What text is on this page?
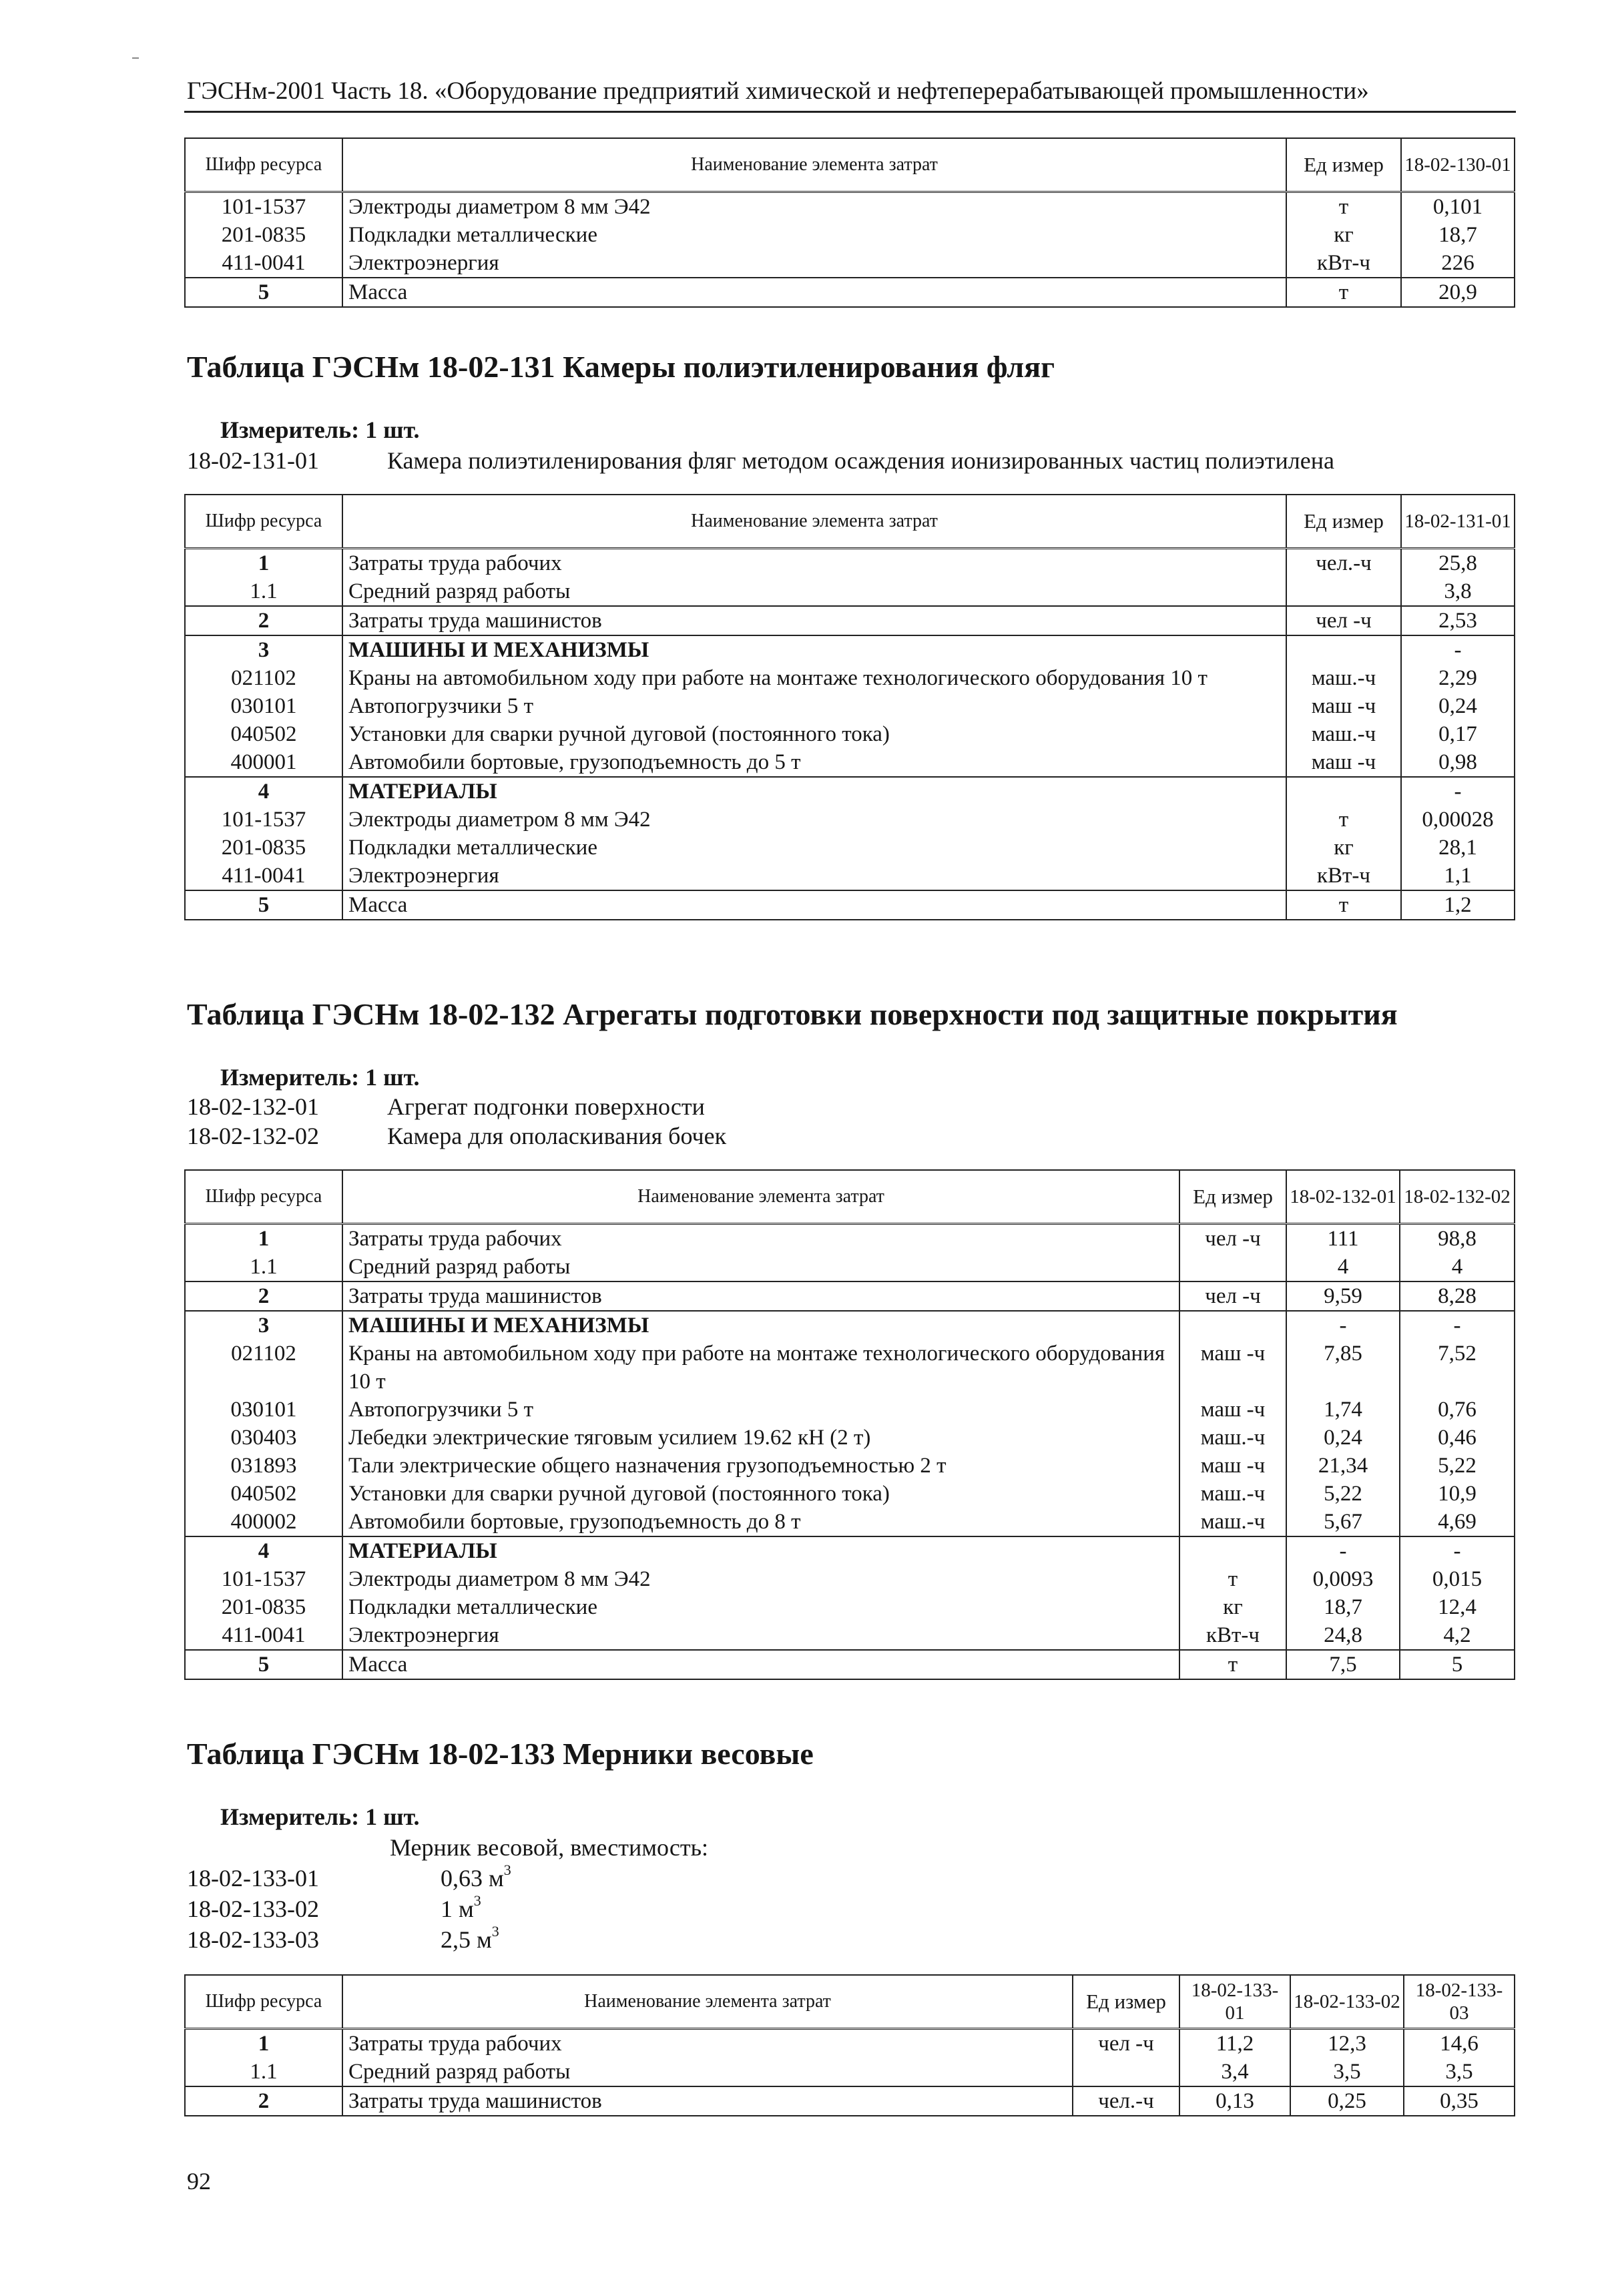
ГЭСНм-2001 Часть 18. «Оборудование предприятий химической и нефтеперерабатывающей промышленности»
Шифр ресурса	Наименование элемента затрат	Ед измер	18-02-130-01
101-1537	Электроды диаметром 8 мм Э42	т	0,101
201-0835	Подкладки металлические	кг	18,7
411-0041	Электроэнергия	кВт-ч	226
5	Масса	т	20,9
Таблица ГЭСНм 18-02-131 Камеры полиэтиленирования фляг
Измеритель: 1 шт.
18-02-131-01	Камера полиэтиленирования фляг методом осаждения ионизированных частиц полиэтилена
Шифр ресурса	Наименование элемента затрат	Ед измер	18-02-131-01
1	Затраты труда рабочих	чел.-ч	25,8
1.1	Средний разряд работы		3,8
2	Затраты труда машинистов	чел -ч	2,53
3	МАШИНЫ И МЕХАНИЗМЫ		-
021102	Краны на автомобильном ходу при работе на монтаже технологического оборудования 10 т	маш.-ч	2,29
030101	Автопогрузчики 5 т	маш -ч	0,24
040502	Установки для сварки ручной дуговой (постоянного тока)	маш.-ч	0,17
400001	Автомобили бортовые, грузоподъемность до 5 т	маш -ч	0,98
4	МАТЕРИАЛЫ		-
101-1537	Электроды диаметром 8 мм Э42	т	0,00028
201-0835	Подкладки металлические	кг	28,1
411-0041	Электроэнергия	кВт-ч	1,1
5	Масса	т	1,2
Таблица ГЭСНм 18-02-132 Агрегаты подготовки поверхности под защитные покрытия
Измеритель: 1 шт.
18-02-132-01	Агрегат подгонки поверхности
18-02-132-02	Камера для ополаскивания бочек
Шифр ресурса	Наименование элемента затрат	Ед измер	18-02-132-01	18-02-132-02
1	Затраты труда рабочих	чел -ч	111	98,8
1.1	Средний разряд работы		4	4
2	Затраты труда машинистов	чел -ч	9,59	8,28
3	МАШИНЫ И МЕХАНИЗМЫ		-	-
021102	Краны на автомобильном ходу при работе на монтаже технологического оборудования 10 т	маш -ч	7,85	7,52
030101	Автопогрузчики 5 т	маш -ч	1,74	0,76
030403	Лебедки электрические тяговым усилием 19.62 кН (2 т)	маш.-ч	0,24	0,46
031893	Тали электрические общего назначения грузоподъемностью 2 т	маш -ч	21,34	5,22
040502	Установки для сварки ручной дуговой (постоянного тока)	маш.-ч	5,22	10,9
400002	Автомобили бортовые, грузоподъемность до 8 т	маш.-ч	5,67	4,69
4	МАТЕРИАЛЫ		-	-
101-1537	Электроды диаметром 8 мм Э42	т	0,0093	0,015
201-0835	Подкладки металлические	кг	18,7	12,4
411-0041	Электроэнергия	кВт-ч	24,8	4,2
5	Масса	т	7,5	5
Таблица ГЭСНм 18-02-133 Мерники весовые
Измеритель: 1 шт.
Мерник весовой, вместимость:
18-02-133-01	0,63 $м^3$
18-02-133-02	1 $м^3$
18-02-133-03	2,5 $м^3$
Шифр ресурса	Наименование элемента затрат	Ед измер	18-02-133-01	18-02-133-02	18-02-133-03
1	Затраты труда рабочих	чел -ч	11,2	12,3	14,6
1.1	Средний разряд работы		3,4	3,5	3,5
2	Затраты труда машинистов	чел.-ч	0,13	0,25	0,35
92
